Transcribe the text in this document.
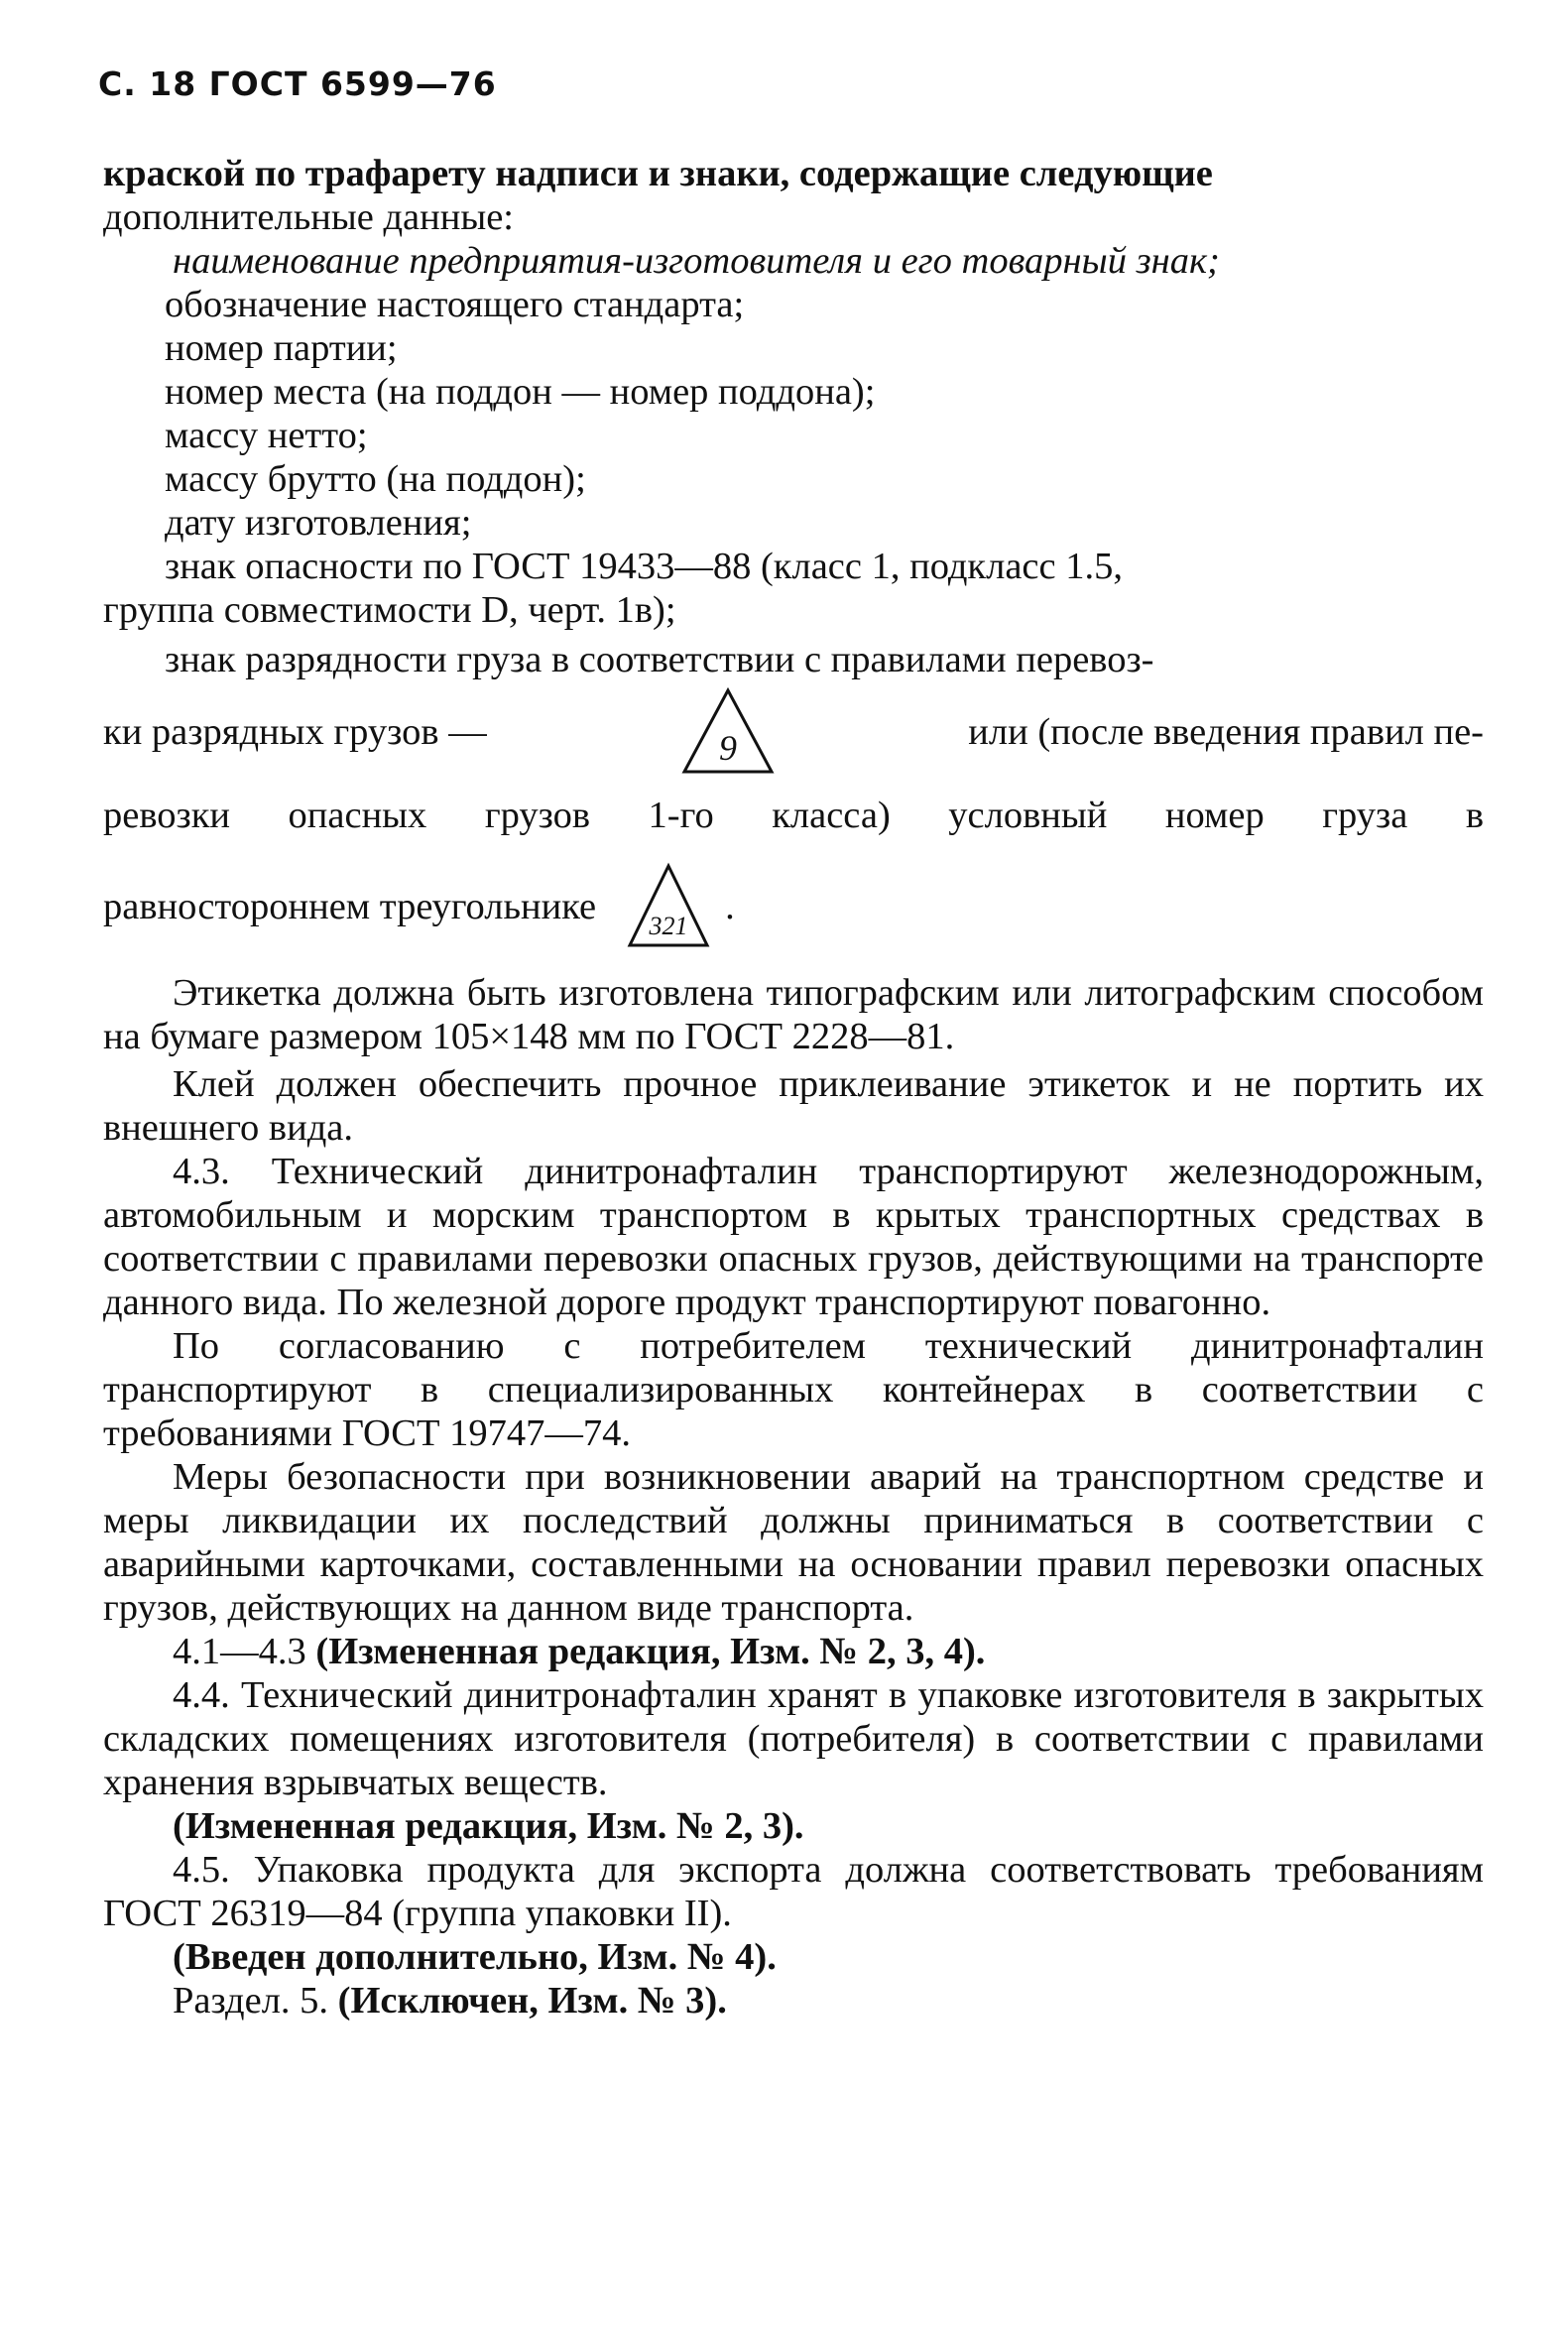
С. 18 ГОСТ 6599—76

краской по трафарету надписи и знаки, содержащие следующие

дополнительные данные:

наименование предприятия-изготовителя и его товарный знак;

обозначение настоящего стандарта;

номер партии;

номер места (на поддон — номер поддона);

массу нетто;

массу брутто (на поддон);

дату изготовления;

знак опасности по ГОСТ 19433—88 (класс 1, подкласс 1.5,

группа совместимости D, черт. 1в);

знак разрядности груза в соответствии с правилами перевоз-

ки разрядных грузов —	9	или (после введения правил пе-
ревозки опасных грузов 1-го класса) условный номер груза в
равностороннем треугольнике 321 .

Этикетка должна быть изготовлена типографским или литографским способом на бумаге размером 105×148 мм по ГОСТ 2228—81.

Клей должен обеспечить прочное приклеивание этикеток и не портить их внешнего вида.

4.3. Технический динитронафталин транспортируют железнодорожным, автомобильным и морским транспортом в крытых транспортных средствах в соответствии с правилами перевозки опасных грузов, действующими на транспорте данного вида. По железной дороге продукт транспортируют повагонно.

По согласованию с потребителем технический динитронафталин транспортируют в специализированных контейнерах в соответствии с требованиями ГОСТ 19747—74.

Меры безопасности при возникновении аварий на транспортном средстве и меры ликвидации их последствий должны приниматься в соответствии с аварийными карточками, составленными на основании правил перевозки опасных грузов, действующих на данном виде транспорта.

4.1—4.3 (Измененная редакция, Изм. № 2, 3, 4).

4.4. Технический динитронафталин хранят в упаковке изготовителя в закрытых складских помещениях изготовителя (потребителя) в соответствии с правилами хранения взрывчатых веществ.

(Измененная редакция, Изм. № 2, 3).

4.5. Упаковка продукта для экспорта должна соответствовать требованиям ГОСТ 26319—84 (группа упаковки II).

(Введен дополнительно, Изм. № 4).

Раздел. 5. (Исключен, Изм. № 3).
